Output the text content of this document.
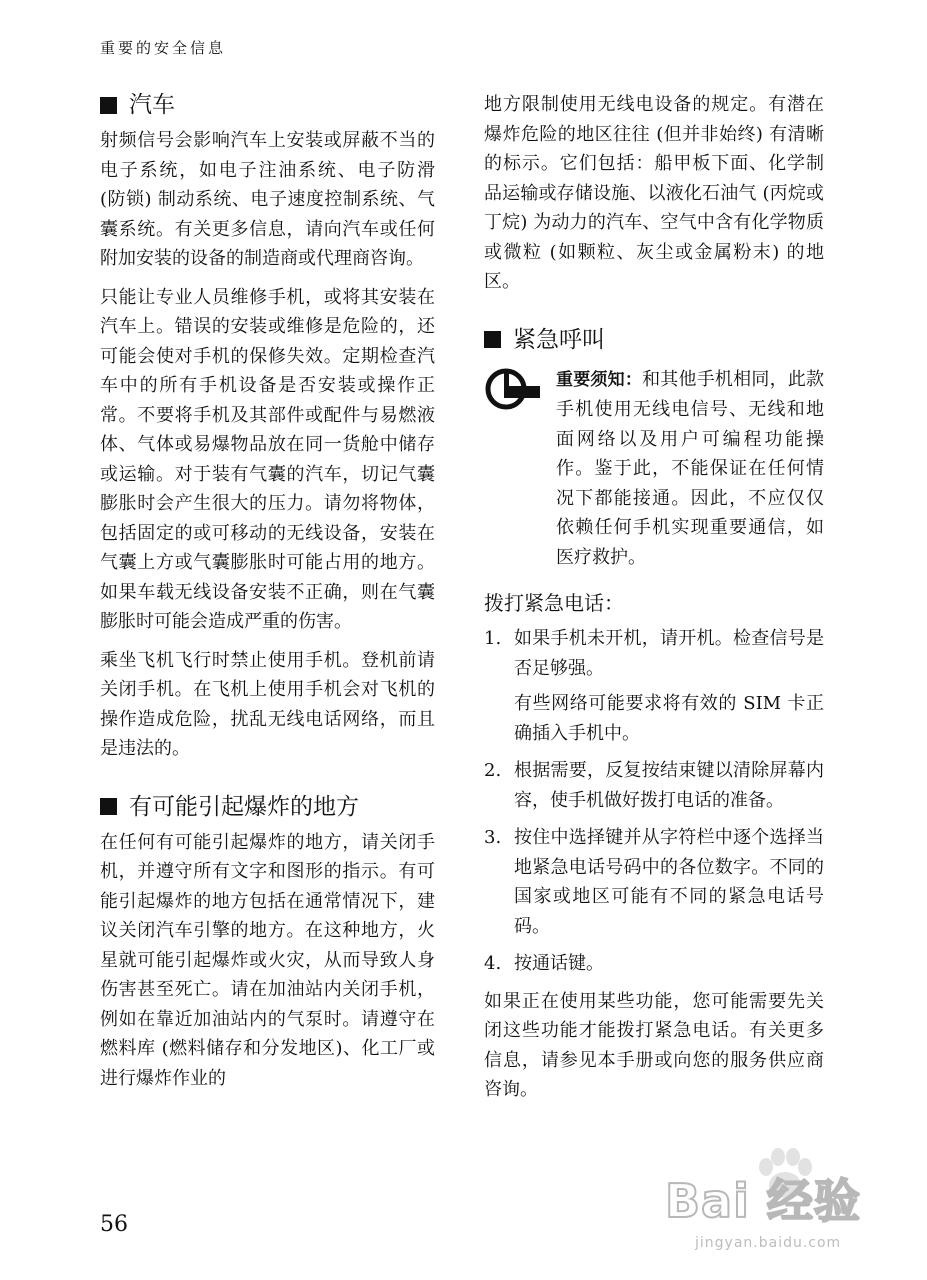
重要的安全信息
汽车

射频信号会影响汽车上安装或屏蔽不当的电子系统，如电子注油系统、电子防滑 (防锁) 制动系统、电子速度控制系统、气囊系统。有关更多信息，请向汽车或任何附加安装的设备的制造商或代理商咨询。

只能让专业人员维修手机，或将其安装在汽车上。错误的安装或维修是危险的，还可能会使对手机的保修失效。定期检查汽车中的所有手机设备是否安装或操作正常。不要将手机及其部件或配件与易燃液体、气体或易爆物品放在同一货舱中储存或运输。对于装有气囊的汽车，切记气囊膨胀时会产生很大的压力。请勿将物体，包括固定的或可移动的无线设备，安装在气囊上方或气囊膨胀时可能占用的地方。如果车载无线设备安装不正确，则在气囊膨胀时可能会造成严重的伤害。

乘坐飞机飞行时禁止使用手机。登机前请关闭手机。在飞机上使用手机会对飞机的操作造成危险，扰乱无线电话网络，而且是违法的。

有可能引起爆炸的地方

在任何有可能引起爆炸的地方，请关闭手机，并遵守所有文字和图形的指示。有可能引起爆炸的地方包括在通常情况下，建议关闭汽车引擎的地方。在这种地方，火星就可能引起爆炸或火灾，从而导致人身伤害甚至死亡。请在加油站内关闭手机，例如在靠近加油站内的气泵时。请遵守在燃料库 (燃料储存和分发地区)、化工厂或进行爆炸作业的

地方限制使用无线电设备的规定。有潜在爆炸危险的地区往往 (但并非始终) 有清晰的标示。它们包括：船甲板下面、化学制品运输或存储设施、以液化石油气 (丙烷或丁烷) 为动力的汽车、空气中含有化学物质或微粒 (如颗粒、灰尘或金属粉末) 的地区。

紧急呼叫
重要须知：和其他手机相同，此款手机使用无线电信号、无线和地面网络以及用户可编程功能操作。鉴于此，不能保证在任何情况下都能接通。因此，不应仅仅依赖任何手机实现重要通信，如医疗救护。
拨打紧急电话：
1. 如果手机未开机，请开机。检查信号是否足够强。
有些网络可能要求将有效的 SIM 卡正确插入手机中。
2. 根据需要，反复按结束键以清除屏幕内容，使手机做好拨打电话的准备。
3. 按住中选择键并从字符栏中逐个选择当地紧急电话号码中的各位数字。不同的国家或地区可能有不同的紧急电话号码。
4. 按通话键。

如果正在使用某些功能，您可能需要先关闭这些功能才能拨打紧急电话。有关更多信息，请参见本手册或向您的服务供应商咨询。

56	Bai 经验
jingyan.baidu.com
